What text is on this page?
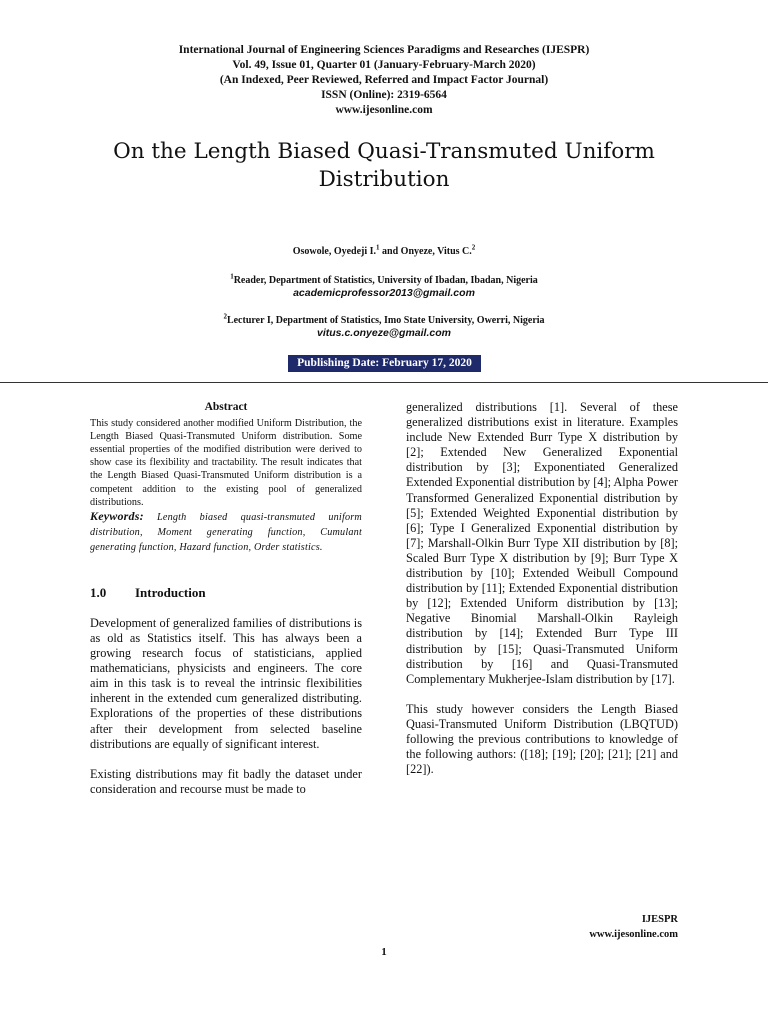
International Journal of Engineering Sciences Paradigms and Researches (IJESPR)
Vol. 49, Issue 01, Quarter 01 (January-February-March 2020)
(An Indexed, Peer Reviewed, Referred and Impact Factor Journal)
ISSN (Online): 2319-6564
www.ijesonline.com
On the Length Biased Quasi-Transmuted Uniform
Distribution
Osowole, Oyedeji I.$^1$ and Onyeze, Vitus C.$^2$
$^1$Reader, Department of Statistics, University of Ibadan, Ibadan, Nigeria
academicprofessor2013@gmail.com
$^2$Lecturer I, Department of Statistics, Imo State University, Owerri, Nigeria
vitus.c.onyeze@gmail.com
Publishing Date: February 17, 2020
Abstract

This study considered another modified Uniform Distribution, the Length Biased Quasi-Transmuted Uniform distribution. Some essential properties of the modified distribution were derived to show case its flexibility and tractability. The result indicates that the Length Biased Quasi-Transmuted Uniform distribution is a competent addition to the existing pool of generalized distributions.

Keywords: Length biased quasi-transmuted uniform distribution, Moment generating function, Cumulant generating function, Hazard function, Order statistics.

1.0 Introduction

Development of generalized families of distributions is as old as Statistics itself. This has always been a growing research focus of statisticians, applied mathematicians, physicists and engineers. The core aim in this task is to reveal the intrinsic flexibilities inherent in the extended cum generalized distributing. Explorations of the properties of these distributions after their development from selected baseline distributions are equally of significant interest.

Existing distributions may fit badly the dataset under consideration and recourse must be made to

generalized distributions [1]. Several of these generalized distributions exist in literature. Examples include New Extended Burr Type X distribution by [2]; Extended New Generalized Exponential distribution by [3]; Exponentiated Generalized Extended Exponential distribution by [4]; Alpha Power Transformed Generalized Exponential distribution by [5]; Extended Weighted Exponential distribution by [6]; Type I Generalized Exponential distribution by [7]; Marshall-Olkin Burr Type XII distribution by [8]; Scaled Burr Type X distribution by [9]; Burr Type X distribution by [10]; Extended Weibull Compound distribution by [11]; Extended Exponential distribution by [12]; Extended Uniform distribution by [13]; Negative Binomial Marshall-Olkin Rayleigh distribution by [14]; Extended Burr Type III distribution by [15]; Quasi-Transmuted Uniform distribution by [16] and Quasi-Transmuted Complementary Mukherjee-Islam distribution by [17].

This study however considers the Length Biased Quasi-Transmuted Uniform Distribution (LBQTUD) following the previous contributions to knowledge of the following authors: ([18]; [19]; [20]; [21]; [21] and [22]).

IJESPR
www.ijesonline.com
1
